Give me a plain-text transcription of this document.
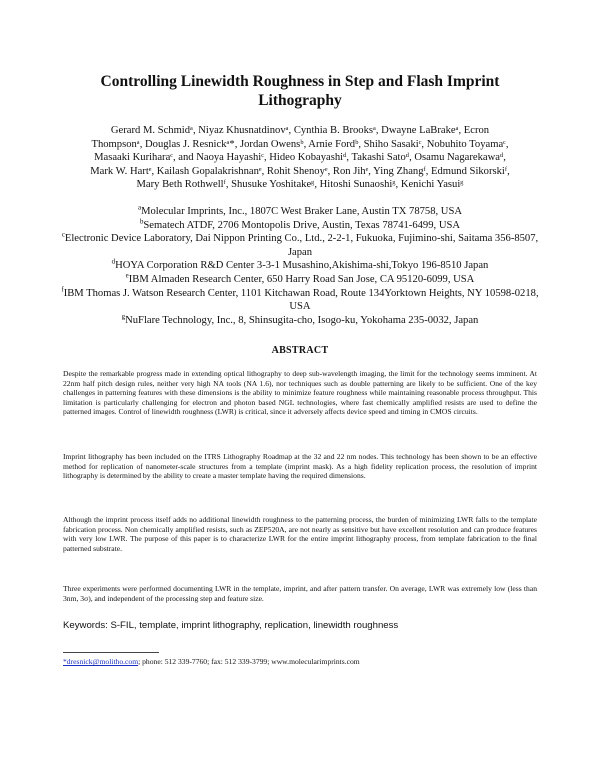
Controlling Linewidth Roughness in Step and Flash Imprint Lithography
Gerard M. Schmidᵃ, Niyaz Khusnatdinovᵃ, Cynthia B. Brooksᵃ, Dwayne LaBrakeᵃ, Ecron
Thompsonᵃ, Douglas J. Resnickᵃ*, Jordan Owensᵇ, Arnie Fordᵇ, Shiho Sasakiᶜ, Nobuhito Toyamaᶜ,
Masaaki Kuriharaᶜ, and Naoya Hayashiᶜ, Hideo Kobayashiᵈ, Takashi Satoᵈ, Osamu Nagarekawaᵈ,
Mark W. Hartᵉ, Kailash Gopalakrishnanᵉ, Rohit Shenoyᵉ, Ron Jihᵉ, Ying Zhangᶠ, Edmund Sikorskiᶠ,
Mary Beth Rothwellᶠ, Shusuke Yoshitakeᵍ, Hitoshi Sunaoshiᵍ, Kenichi Yasuiᵍ
$^a$Molecular Imprints, Inc., 1807C West Braker Lane, Austin TX 78758, USA
$^b$Sematech ATDF, 2706 Montopolis Drive, Austin, Texas 78741-6499, USA
$^c$Electronic Device Laboratory, Dai Nippon Printing Co., Ltd., 2-2-1, Fukuoka, Fujimino-shi, Saitama 356-8507, Japan
$^d$HOYA Corporation R&D Center 3-3-1 Musashino,Akishima-shi,Tokyo 196-8510 Japan
$^e$IBM Almaden Research Center, 650 Harry Road San Jose, CA 95120-6099, USA
$^f$IBM Thomas J. Watson Research Center, 1101 Kitchawan Road, Route 134Yorktown Heights, NY 10598-0218, USA
$^g$NuFlare Technology, Inc., 8, Shinsugita-cho, Isogo-ku, Yokohama 235-0032, Japan
ABSTRACT

Despite the remarkable progress made in extending optical lithography to deep sub-wavelength imaging, the limit for the technology seems imminent. At 22nm half pitch design rules, neither very high NA tools (NA 1.6), nor techniques such as double patterning are likely to be sufficient. One of the key challenges in patterning features with these dimensions is the ability to minimize feature roughness while maintaining reasonable process throughput. This limitation is particularly challenging for electron and photon based NGL technologies, where fast chemically amplified resists are used to define the patterned images. Control of linewidth roughness (LWR) is critical, since it adversely affects device speed and timing in CMOS circuits.

Imprint lithography has been included on the ITRS Lithography Roadmap at the 32 and 22 nm nodes. This technology has been shown to be an effective method for replication of nanometer-scale structures from a template (imprint mask). As a high fidelity replication process, the resolution of imprint lithography is determined by the ability to create a master template having the required dimensions.

Although the imprint process itself adds no additional linewidth roughness to the patterning process, the burden of minimizing LWR falls to the template fabrication process. Non chemically amplified resists, such as ZEP520A, are not nearly as sensitive but have excellent resolution and can produce features with very low LWR. The purpose of this paper is to characterize LWR for the entire imprint lithography process, from template fabrication to the final patterned substrate.

Three experiments were performed documenting LWR in the template, imprint, and after pattern transfer. On average, LWR was extremely low (less than 3nm, 3σ), and independent of the processing step and feature size.

Keywords: S-FIL, template, imprint lithography, replication, linewidth roughness
*dresnick@molitho.com; phone: 512 339-7760; fax: 512 339-3799; www.molecularimprints.com
